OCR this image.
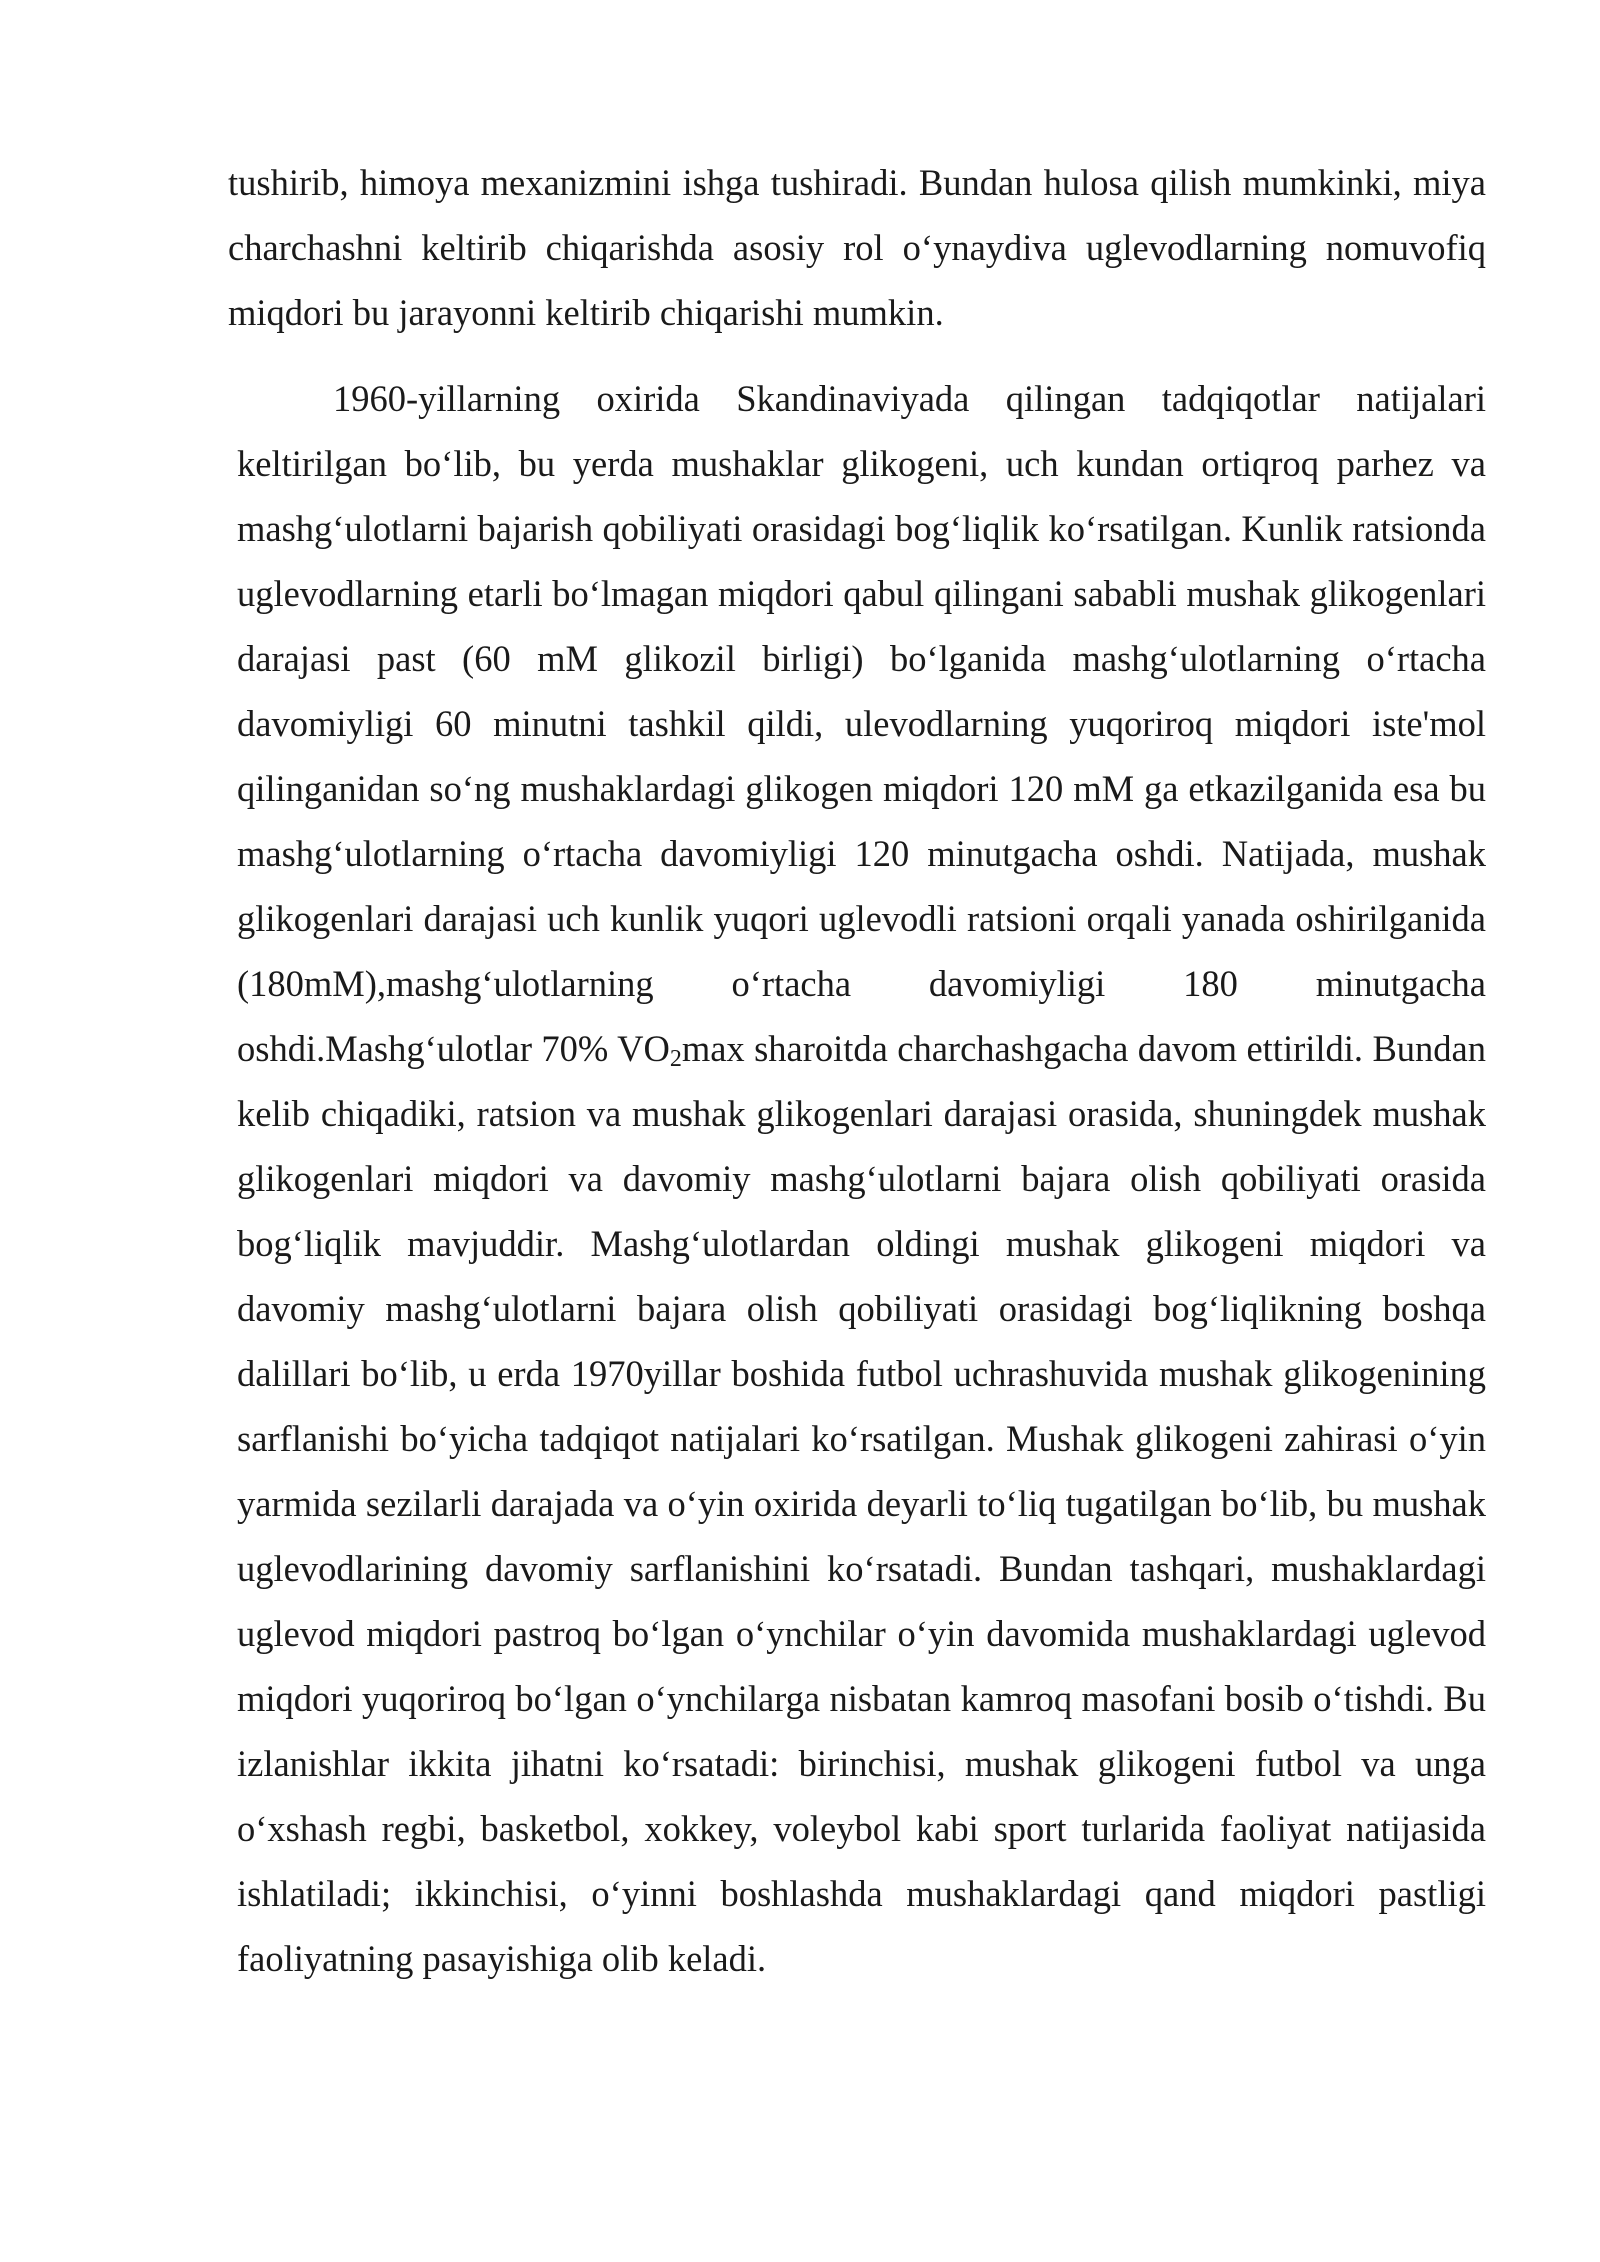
tushirib, himoya mexanizmini ishga tushiradi. Bundan hulosa qilish mumkinki, miya charchashni keltirib chiqarishda asosiy rol o‘ynaydiva uglevodlarning nomuvofiq miqdori bu jarayonni keltirib chiqarishi mumkin.

1960-yillarning oxirida Skandinaviyada qilingan tadqiqotlar natijalari keltirilgan bo‘lib, bu yerda mushaklar glikogeni, uch kundan ortiqroq parhez va mashg‘ulotlarni bajarish qobiliyati orasidagi bog‘liqlik ko‘rsatilgan. Kunlik ratsionda uglevodlarning etarli bo‘lmagan miqdori qabul qilingani sababli mushak glikogenlari darajasi past (60 mM glikozil birligi) bo‘lganida mashg‘ulotlarning o‘rtacha davomiyligi 60 minutni tashkil qildi, ulevodlarning yuqoriroq miqdori iste'mol qilinganidan so‘ng mushaklardagi glikogen miqdori 120 mM ga etkazilganida esa bu mashg‘ulotlarning o‘rtacha davomiyligi 120 minutgacha oshdi. Natijada, mushak glikogenlari darajasi uch kunlik yuqori uglevodli ratsioni orqali yanada oshirilganida (180mM),mashg‘ulotlarning o‘rtacha davomiyligi 180 minutgacha oshdi.Mashg‘ulotlar 70% $VO_2\max$ sharoitda charchashgacha davom ettirildi. Bundan kelib chiqadiki, ratsion va mushak glikogenlari darajasi orasida, shuningdek mushak glikogenlari miqdori va davomiy mashg‘ulotlarni bajara olish qobiliyati orasida bog‘liqlik mavjuddir. Mashg‘ulotlardan oldingi mushak glikogeni miqdori va davomiy mashg‘ulotlarni bajara olish qobiliyati orasidagi bog‘liqlikning boshqa dalillari bo‘lib, u erda 1970yillar boshida futbol uchrashuvida mushak glikogenining sarflanishi bo‘yicha tadqiqot natijalari ko‘rsatilgan. Mushak glikogeni zahirasi o‘yin yarmida sezilarli darajada va o‘yin oxirida deyarli to‘liq tugatilgan bo‘lib, bu mushak uglevodlarining davomiy sarflanishini ko‘rsatadi. Bundan tashqari, mushaklardagi uglevod miqdori pastroq bo‘lgan o‘ynchilar o‘yin davomida mushaklardagi uglevod miqdori yuqoriroq bo‘lgan o‘ynchilarga nisbatan kamroq masofani bosib o‘tishdi. Bu izlanishlar ikkita jihatni ko‘rsatadi: birinchisi, mushak glikogeni futbol va unga o‘xshash regbi, basketbol, xokkey, voleybol kabi sport turlarida faoliyat natijasida ishlatiladi; ikkinchisi, o‘yinni boshlashda mushaklardagi qand miqdori pastligi faoliyatning pasayishiga olib keladi.
